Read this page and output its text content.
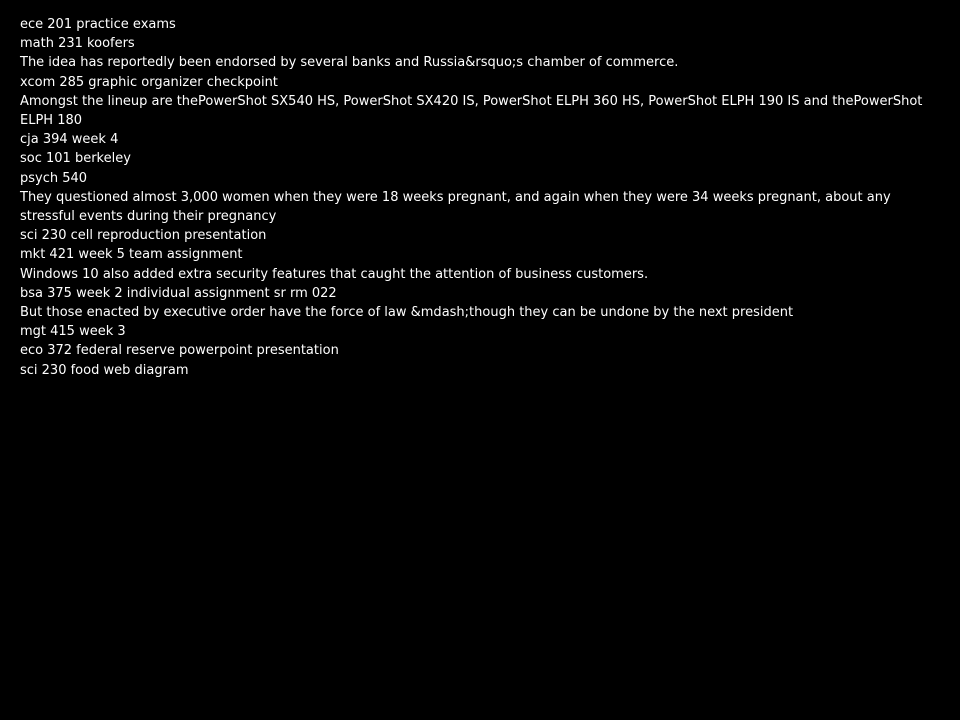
ece 201 practice exams
math 231 koofers
The idea has reportedly been endorsed by several banks and Russia&rsquo;s chamber of commerce.
xcom 285 graphic organizer checkpoint
Amongst the lineup are thePowerShot SX540 HS, PowerShot SX420 IS, PowerShot ELPH 360 HS, PowerShot ELPH 190 IS and thePowerShot ELPH 180
cja 394 week 4
soc 101 berkeley
psych 540
They questioned almost 3,000 women when they were 18 weeks pregnant, and again when they were 34 weeks pregnant, about any stressful events during their pregnancy
sci 230 cell reproduction presentation
mkt 421 week 5 team assignment
Windows 10 also added extra security features that caught the attention of business customers.
bsa 375 week 2 individual assignment sr rm 022
But those enacted by executive order have the force of law &mdash;though they can be undone by the next president
mgt 415 week 3
eco 372 federal reserve powerpoint presentation
sci 230 food web diagram
